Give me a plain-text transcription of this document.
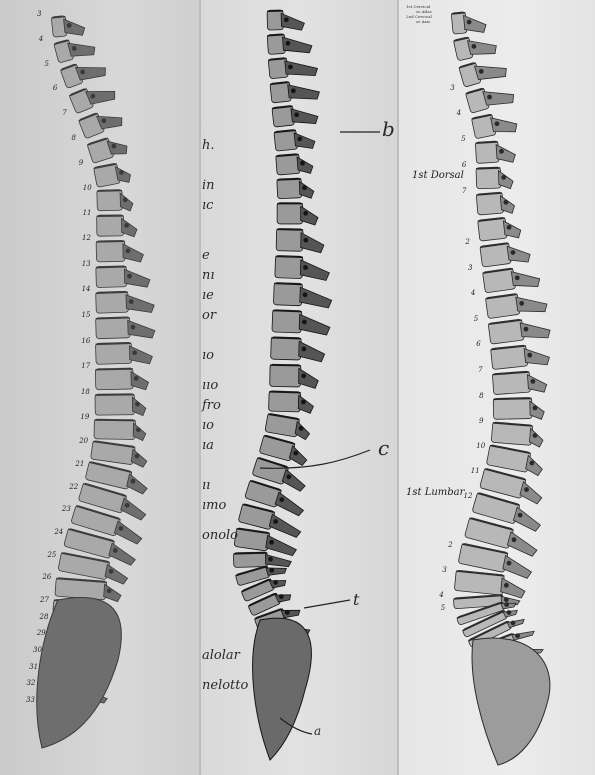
3
4
5
6
7
8
9
10
11
12
13
14
15
16
17
18
19
20
21
22
23
24
25
26
27
28
29
30
31
32
33
b
c
t
a
h.
in
ıc
e
nı
ıe
or
ıo
ııo
fro
ıo
ıa
ıı
ımo
onolo
alolar
nelotto
1st Cervical
or Atlas
2nd Cervical
or Axis
1st Dorsal
1st Lumbar
3
4
5
6
7
2
3
4
5
6
7
8
9
10
11
12
2
3
4
5
